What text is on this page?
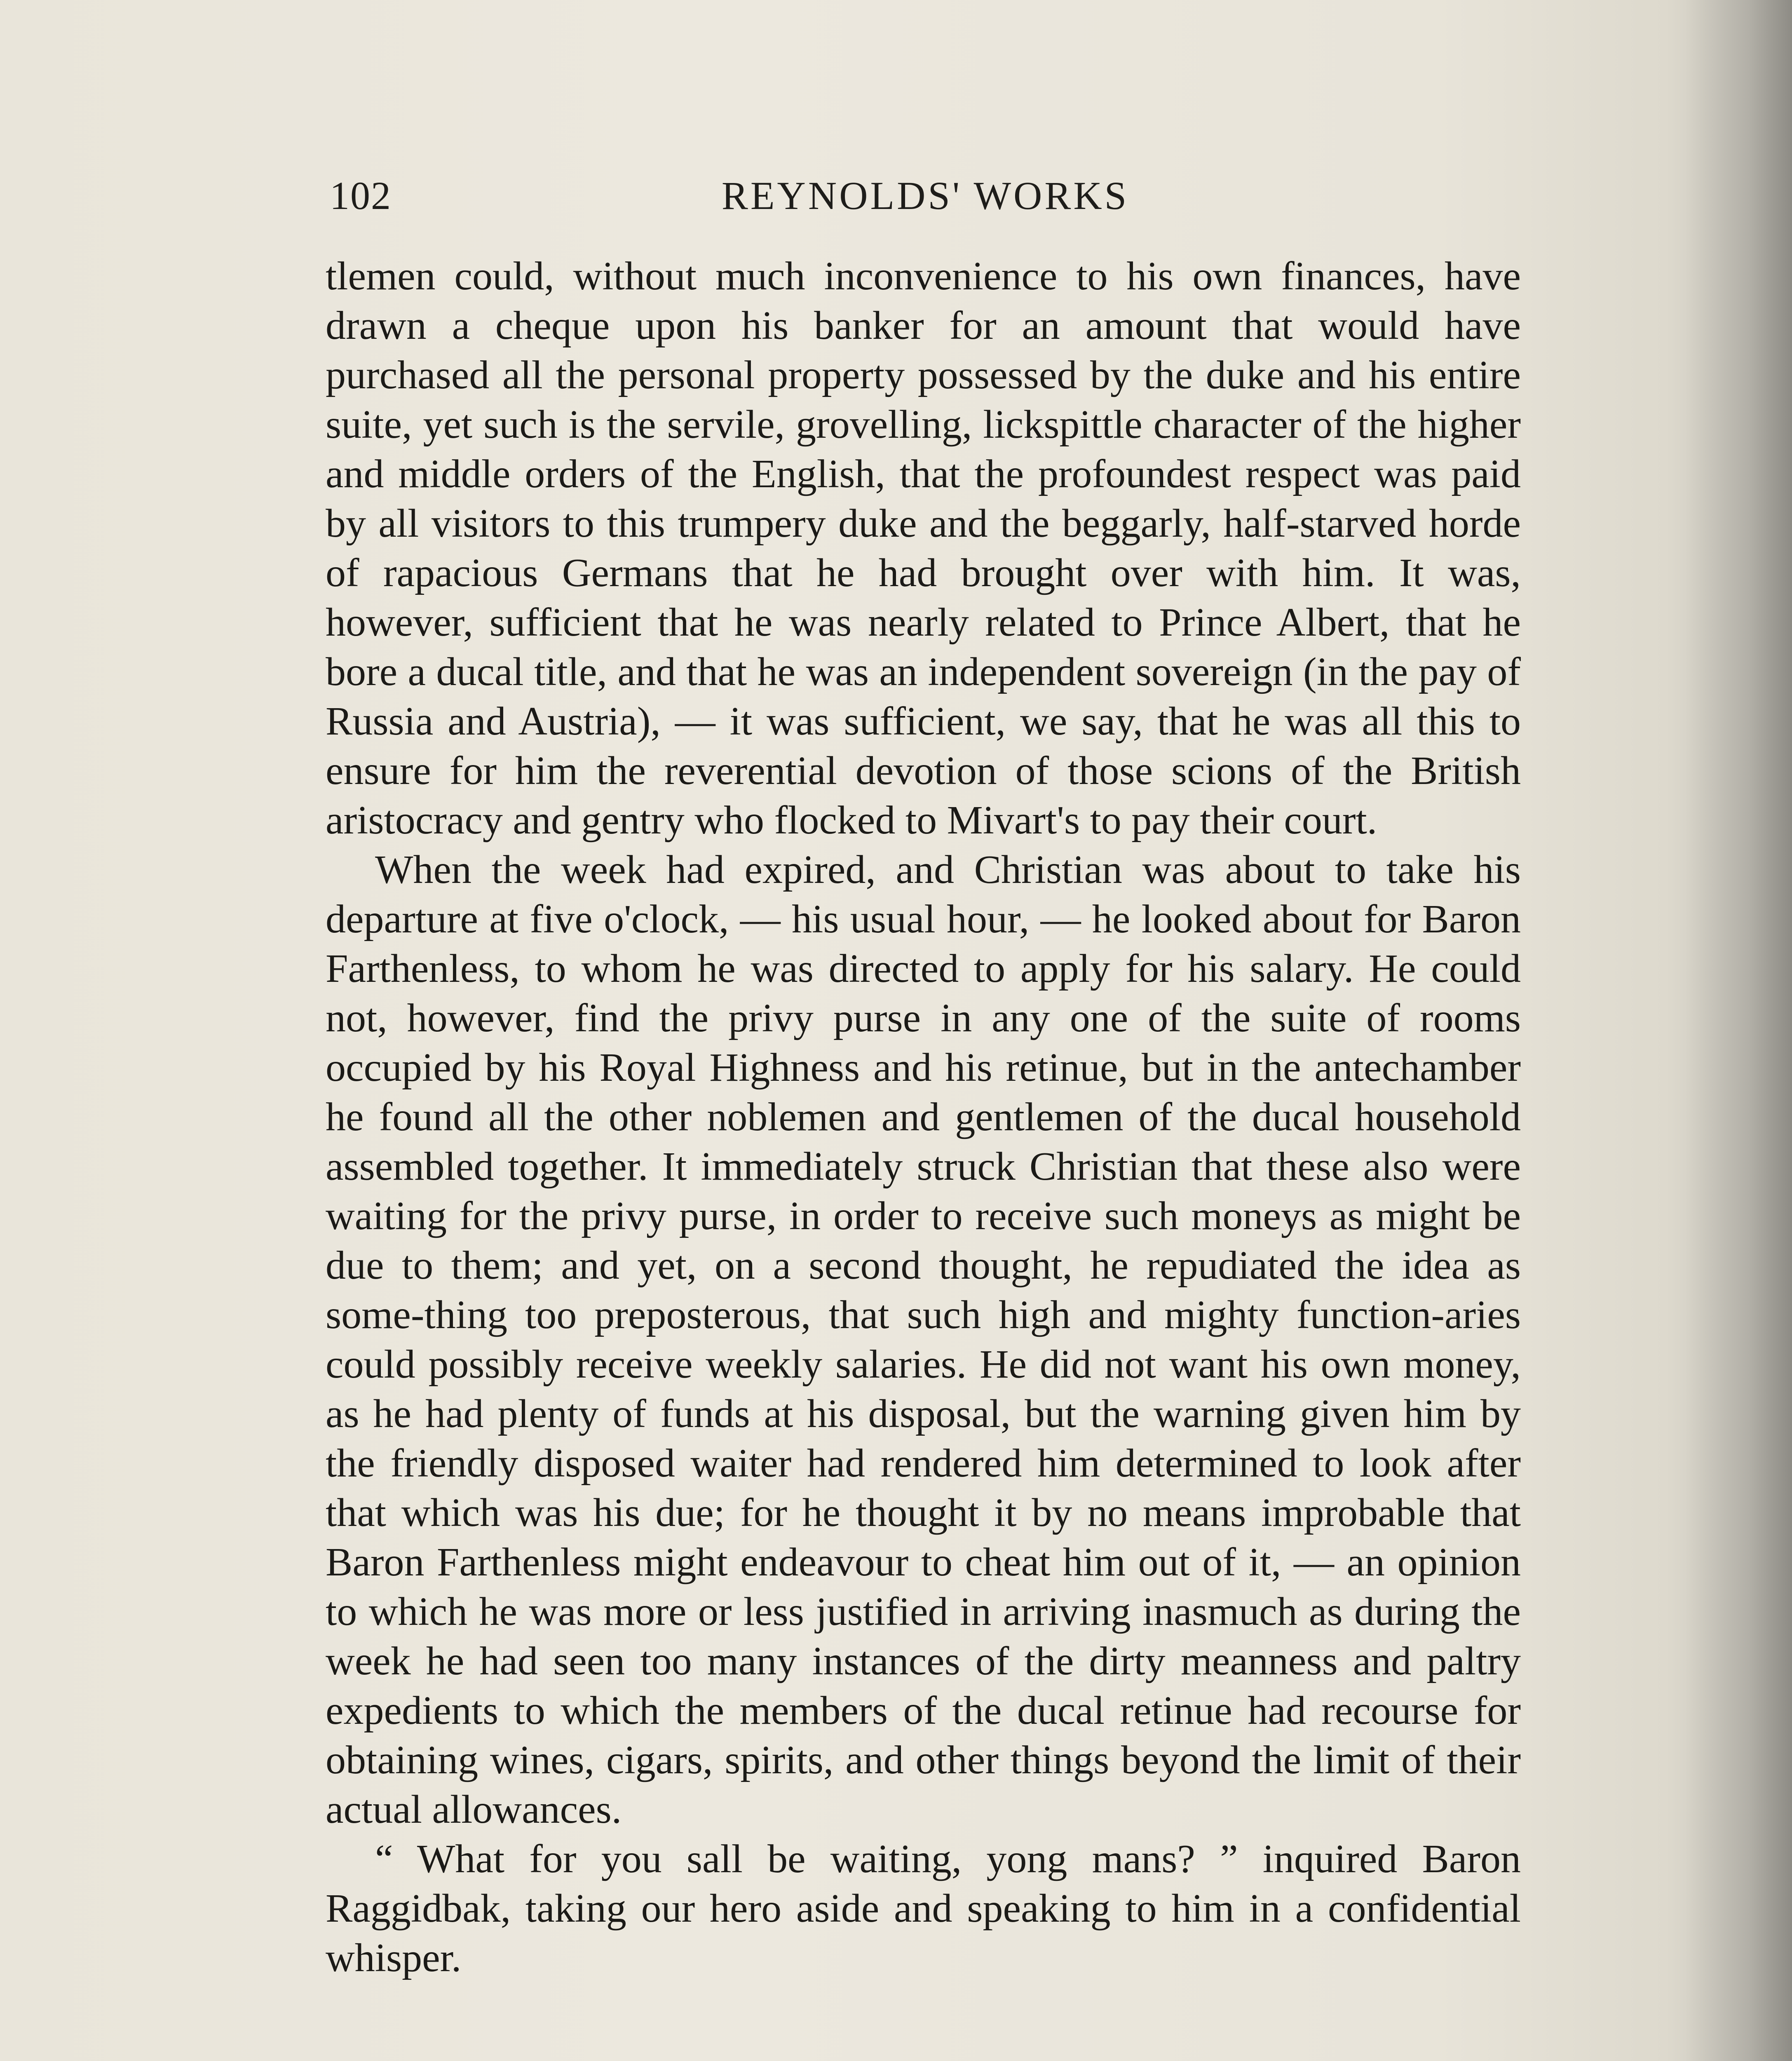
102	REYNOLDS' WORKS

tlemen could, without much inconvenience to his own finances, have drawn a cheque upon his banker for an amount that would have purchased all the personal property possessed by the duke and his entire suite, yet such is the servile, grovelling, lickspittle character of the higher and middle orders of the English, that the profoundest respect was paid by all visitors to this trumpery duke and the beggarly, half-starved horde of rapacious Germans that he had brought over with him. It was, however, sufficient that he was nearly related to Prince Albert, that he bore a ducal title, and that he was an independent sovereign (in the pay of Russia and Austria), — it was sufficient, we say, that he was all this to ensure for him the reverential devotion of those scions of the British aristocracy and gentry who flocked to Mivart's to pay their court.

When the week had expired, and Christian was about to take his departure at five o'clock, — his usual hour, — he looked about for Baron Farthenless, to whom he was directed to apply for his salary. He could not, however, find the privy purse in any one of the suite of rooms occupied by his Royal Highness and his retinue, but in the antechamber he found all the other noblemen and gentlemen of the ducal household assembled together. It immediately struck Christian that these also were waiting for the privy purse, in order to receive such moneys as might be due to them; and yet, on a second thought, he repudiated the idea as some-thing too preposterous, that such high and mighty function-aries could possibly receive weekly salaries. He did not want his own money, as he had plenty of funds at his disposal, but the warning given him by the friendly disposed waiter had rendered him determined to look after that which was his due; for he thought it by no means improbable that Baron Farthenless might endeavour to cheat him out of it, — an opinion to which he was more or less justified in arriving inasmuch as during the week he had seen too many instances of the dirty meanness and paltry expedients to which the members of the ducal retinue had recourse for obtaining wines, cigars, spirits, and other things beyond the limit of their actual allowances.

“ What for you sall be waiting, yong mans? ” inquired Baron Raggidbak, taking our hero aside and speaking to him in a confidential whisper.
